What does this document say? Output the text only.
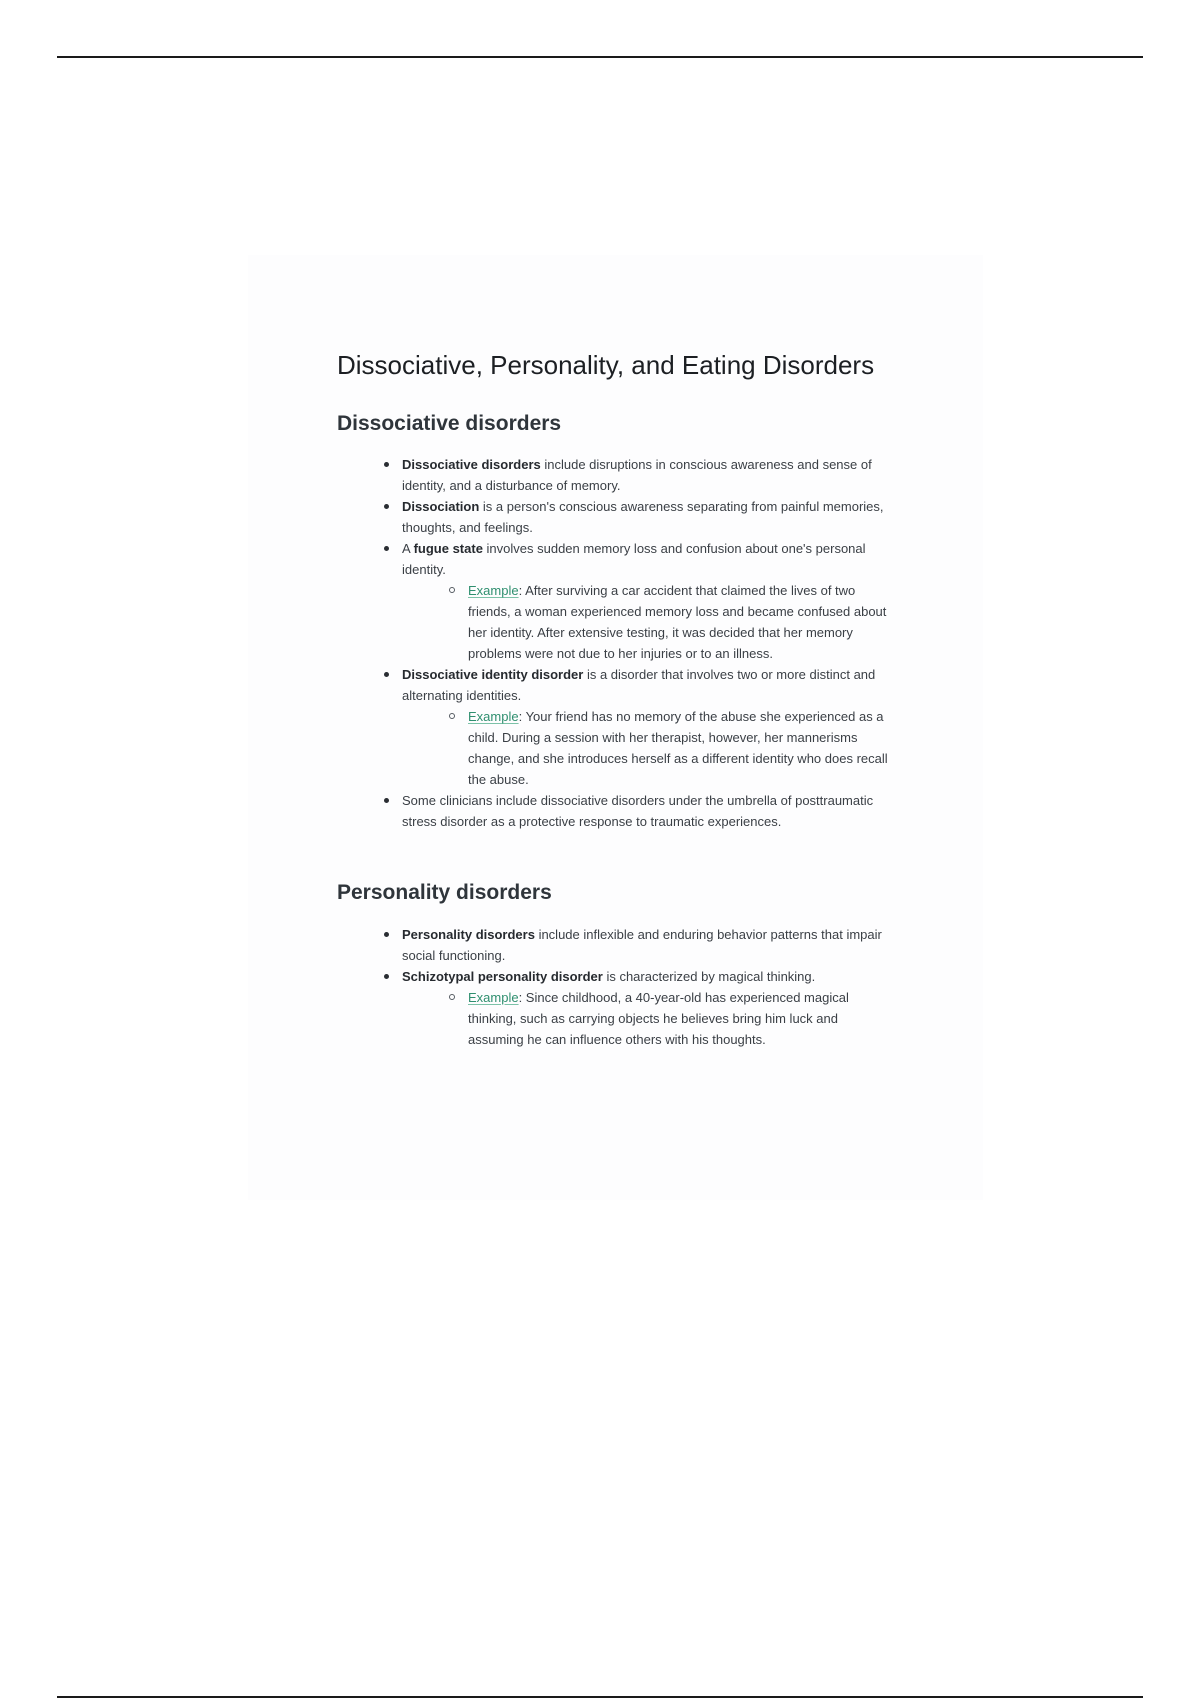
Dissociative, Personality, and Eating Disorders
Dissociative disorders
Dissociative disorders include disruptions in conscious awareness and sense of identity, and a disturbance of memory.
Dissociation is a person's conscious awareness separating from painful memories, thoughts, and feelings.
A fugue state involves sudden memory loss and confusion about one's personal identity.
Example: After surviving a car accident that claimed the lives of two friends, a woman experienced memory loss and became confused about her identity. After extensive testing, it was decided that her memory problems were not due to her injuries or to an illness.
Dissociative identity disorder is a disorder that involves two or more distinct and alternating identities.
Example: Your friend has no memory of the abuse she experienced as a child. During a session with her therapist, however, her mannerisms change, and she introduces herself as a different identity who does recall the abuse.
Some clinicians include dissociative disorders under the umbrella of posttraumatic stress disorder as a protective response to traumatic experiences.
Personality disorders
Personality disorders include inflexible and enduring behavior patterns that impair social functioning.
Schizotypal personality disorder is characterized by magical thinking.
Example: Since childhood, a 40-year-old has experienced magical thinking, such as carrying objects he believes bring him luck and assuming he can influence others with his thoughts.
